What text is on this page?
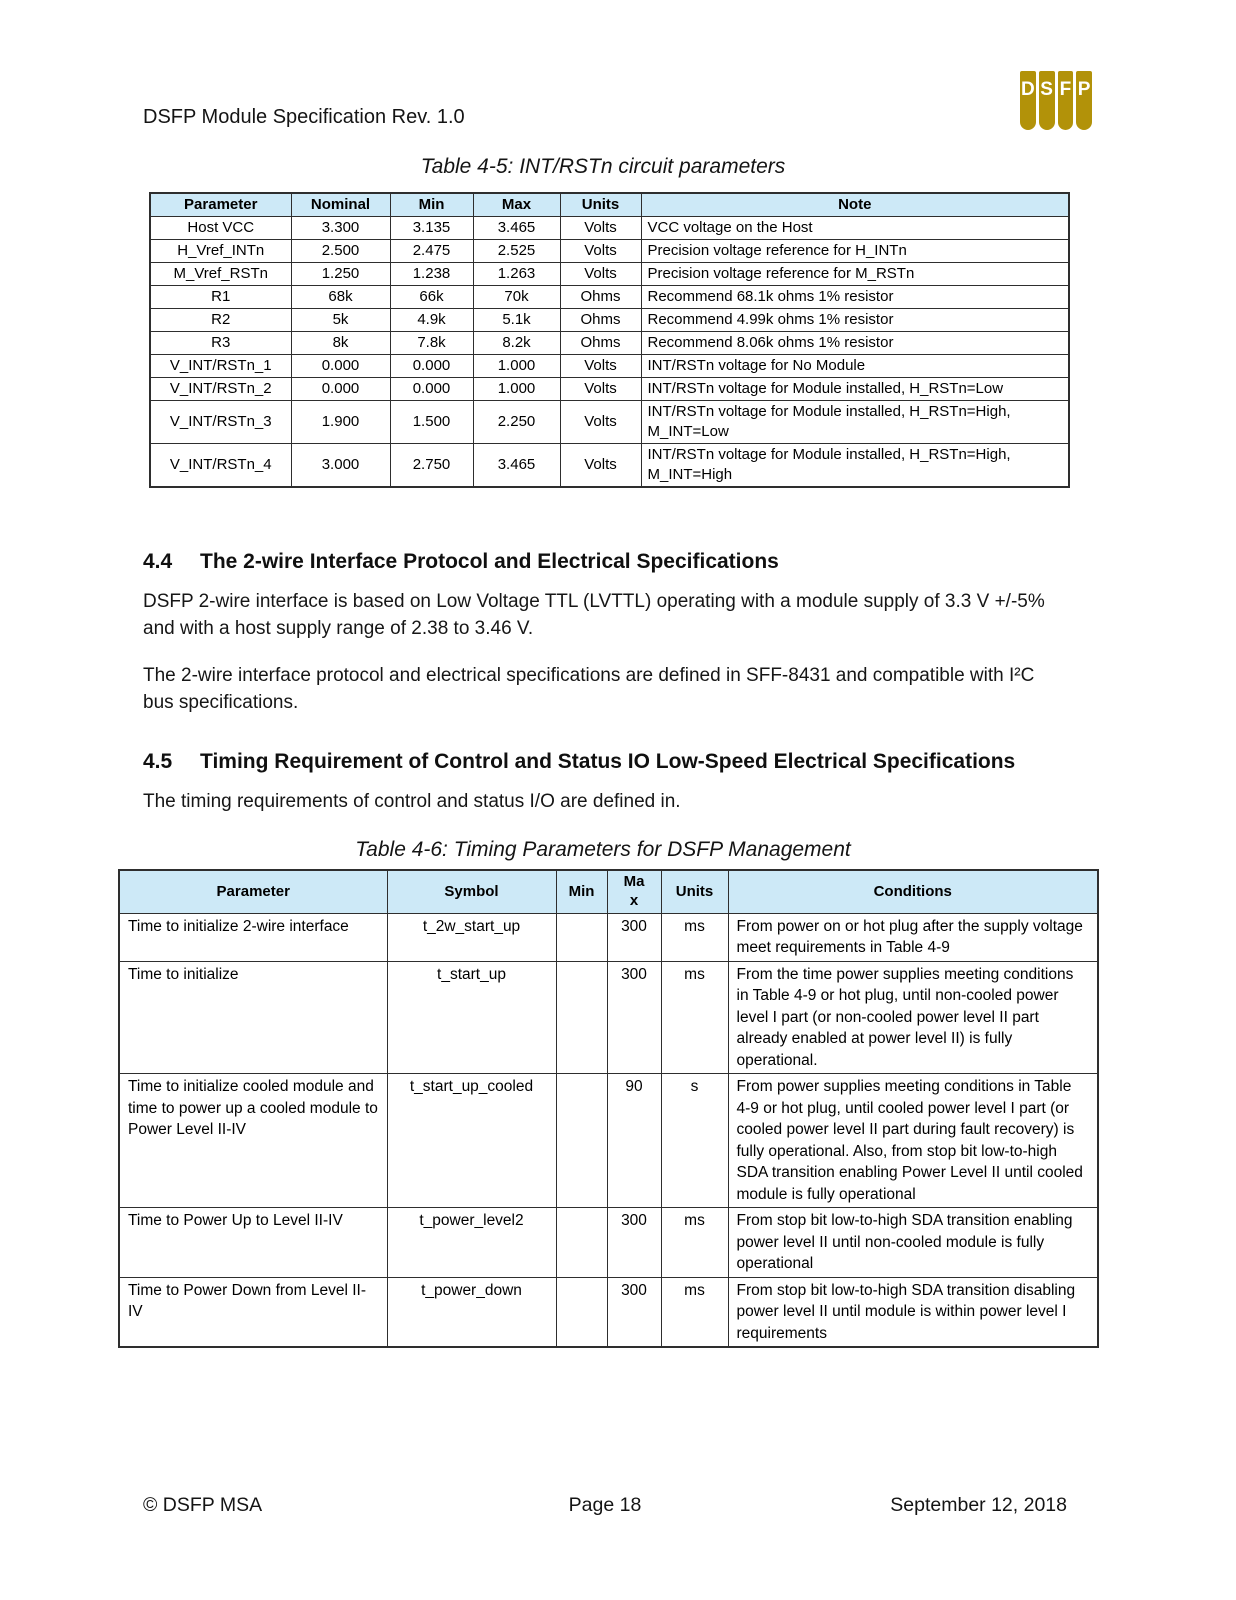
DSFP Module Specification Rev. 1.0
D S F P
Table 4-5: INT/RSTn circuit parameters
Parameter	Nominal	Min	Max	Units	Note
Host VCC	3.300	3.135	3.465	Volts	VCC voltage on the Host
H_Vref_INTn	2.500	2.475	2.525	Volts	Precision voltage reference for H_INTn
M_Vref_RSTn	1.250	1.238	1.263	Volts	Precision voltage reference for M_RSTn
R1	68k	66k	70k	Ohms	Recommend 68.1k ohms 1% resistor
R2	5k	4.9k	5.1k	Ohms	Recommend 4.99k ohms 1% resistor
R3	8k	7.8k	8.2k	Ohms	Recommend 8.06k ohms 1% resistor
V_INT/RSTn_1	0.000	0.000	1.000	Volts	INT/RSTn voltage for No Module
V_INT/RSTn_2	0.000	0.000	1.000	Volts	INT/RSTn voltage for Module installed, H_RSTn=Low
V_INT/RSTn_3	1.900	1.500	2.250	Volts	INT/RSTn voltage for Module installed, H_RSTn=High, M_INT=Low
V_INT/RSTn_4	3.000	2.750	3.465	Volts	INT/RSTn voltage for Module installed, H_RSTn=High, M_INT=High
4.4 The 2-wire Interface Protocol and Electrical Specifications
DSFP 2-wire interface is based on Low Voltage TTL (LVTTL) operating with a module supply of 3.3 V +/-5% and with a host supply range of 2.38 to 3.46 V.
The 2-wire interface protocol and electrical specifications are defined in SFF-8431 and compatible with I²C bus specifications.
4.5 Timing Requirement of Control and Status IO Low-Speed Electrical Specifications
The timing requirements of control and status I/O are defined in.
Table 4-6: Timing Parameters for DSFP Management
Parameter	Symbol	Min	Max	Units	Conditions
Time to initialize 2-wire interface	t_2w_start_up		300	ms	From power on or hot plug after the supply voltage meet requirements in Table 4-9
Time to initialize	t_start_up		300	ms	From the time power supplies meeting conditions in Table 4-9 or hot plug, until non-cooled power level I part (or non-cooled power level II part already enabled at power level II) is fully operational.
Time to initialize cooled module and time to power up a cooled module to Power Level II-IV	t_start_up_cooled		90	s	From power supplies meeting conditions in Table 4-9 or hot plug, until cooled power level I part (or cooled power level II part during fault recovery) is fully operational. Also, from stop bit low-to-high SDA transition enabling Power Level II until cooled module is fully operational
Time to Power Up to Level II-IV	t_power_level2		300	ms	From stop bit low-to-high SDA transition enabling power level II until non-cooled module is fully operational
Time to Power Down from Level II-IV	t_power_down		300	ms	From stop bit low-to-high SDA transition disabling power level II until module is within power level I requirements
© DSFP MSA	Page 18	September 12, 2018
